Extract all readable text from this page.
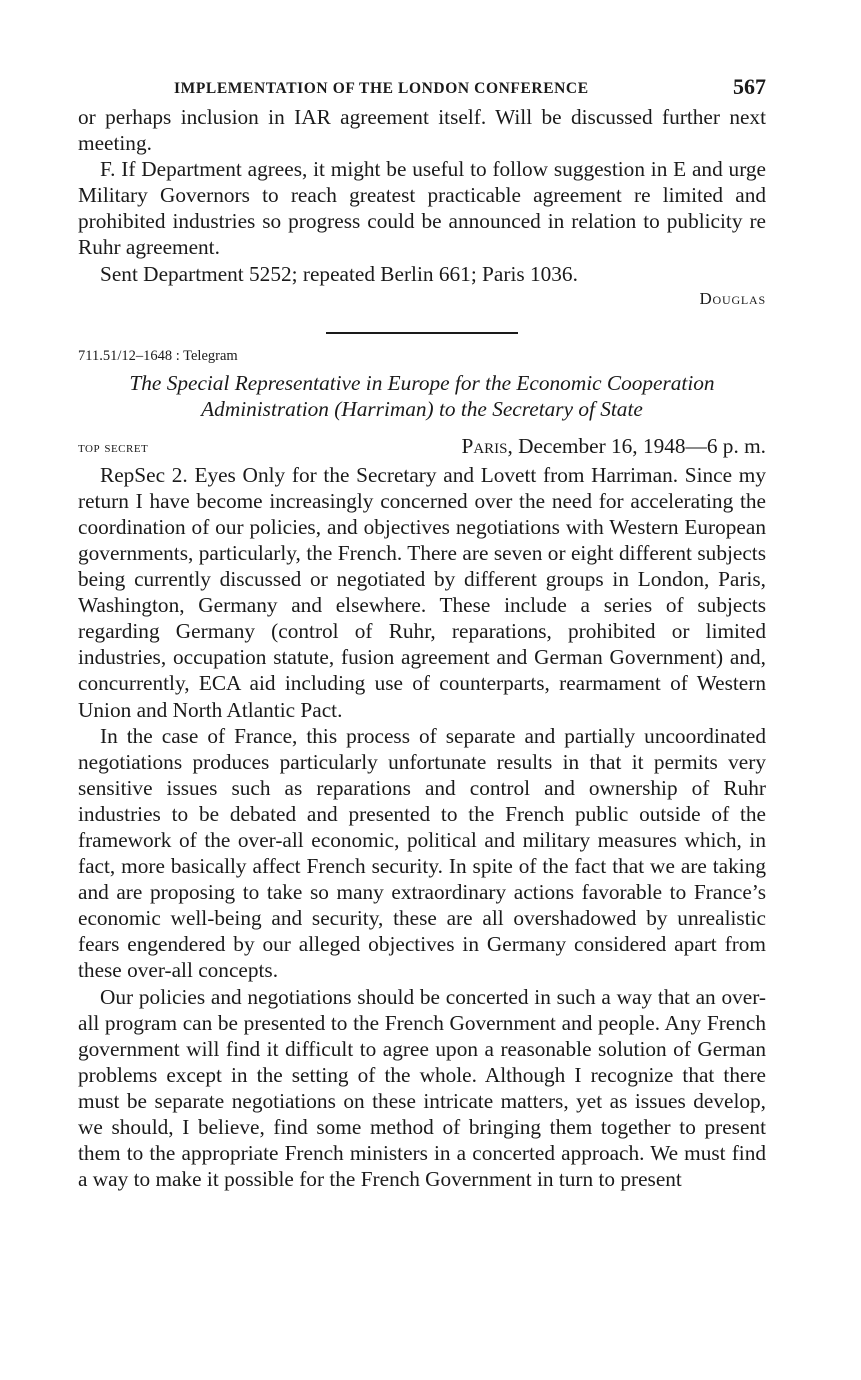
IMPLEMENTATION OF THE LONDON CONFERENCE	567

or perhaps inclusion in IAR agreement itself. Will be discussed further next meeting.

F. If Department agrees, it might be useful to follow suggestion in E and urge Military Governors to reach greatest practicable agreement re limited and prohibited industries so progress could be announced in relation to publicity re Ruhr agreement.

Sent Department 5252; repeated Berlin 661; Paris 1036.

Douglas

711.51/12–1648 : Telegram

The Special Representative in Europe for the Economic Cooperation
Administration (Harriman) to the Secretary of State
top secret	Paris, December 16, 1948—6 p. m.

RepSec 2. Eyes Only for the Secretary and Lovett from Harriman. Since my return I have become increasingly concerned over the need for accelerating the coordination of our policies, and objectives negotiations with Western European governments, particularly, the French. There are seven or eight different subjects being currently discussed or negotiated by different groups in London, Paris, Washington, Germany and elsewhere. These include a series of subjects regarding Germany (control of Ruhr, reparations, prohibited or limited industries, occupation statute, fusion agreement and German Government) and, concurrently, ECA aid including use of counterparts, rearmament of Western Union and North Atlantic Pact.

In the case of France, this process of separate and partially uncoordinated negotiations produces particularly unfortunate results in that it permits very sensitive issues such as reparations and control and ownership of Ruhr industries to be debated and presented to the French public outside of the framework of the over-all economic, political and military measures which, in fact, more basically affect French security. In spite of the fact that we are taking and are proposing to take so many extraordinary actions favorable to France’s economic well-being and security, these are all overshadowed by unrealistic fears engendered by our alleged objectives in Germany considered apart from these over-all concepts.

Our policies and negotiations should be concerted in such a way that an over-all program can be presented to the French Government and people. Any French government will find it difficult to agree upon a reasonable solution of German problems except in the setting of the whole. Although I recognize that there must be separate negotiations on these intricate matters, yet as issues develop, we should, I believe, find some method of bringing them together to present them to the appropriate French ministers in a concerted approach. We must find a way to make it possible for the French Government in turn to present
